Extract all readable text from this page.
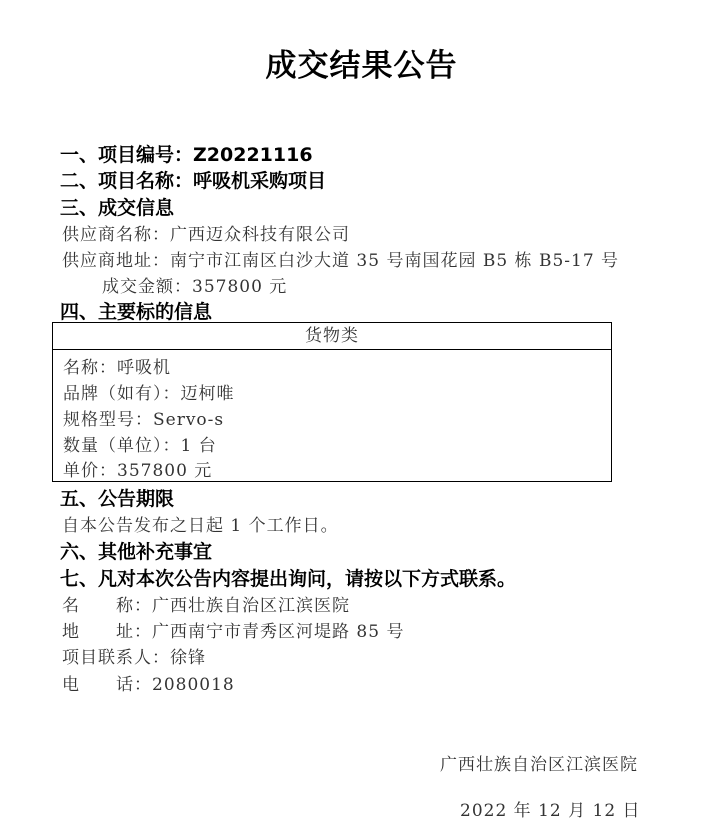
成交结果公告
一、项目编号：Z20221116
二、项目名称：呼吸机采购项目
三、成交信息
供应商名称：广西迈众科技有限公司
供应商地址：南宁市江南区白沙大道 35 号南国花园 B5 栋 B5-17 号
成交金额：357800 元
四、主要标的信息
货物类
名称：呼吸机
品牌（如有）：迈柯唯
规格型号：Servo-s
数量（单位）：1 台
单价：357800 元
五、公告期限
自本公告发布之日起 1 个工作日。
六、其他补充事宜
七、凡对本次公告内容提出询问，请按以下方式联系。
名　　称：广西壮族自治区江滨医院
地　　址：广西南宁市青秀区河堤路 85 号
项目联系人：徐锋
电　　话：2080018
广西壮族自治区江滨医院
2022 年 12 月 12 日
